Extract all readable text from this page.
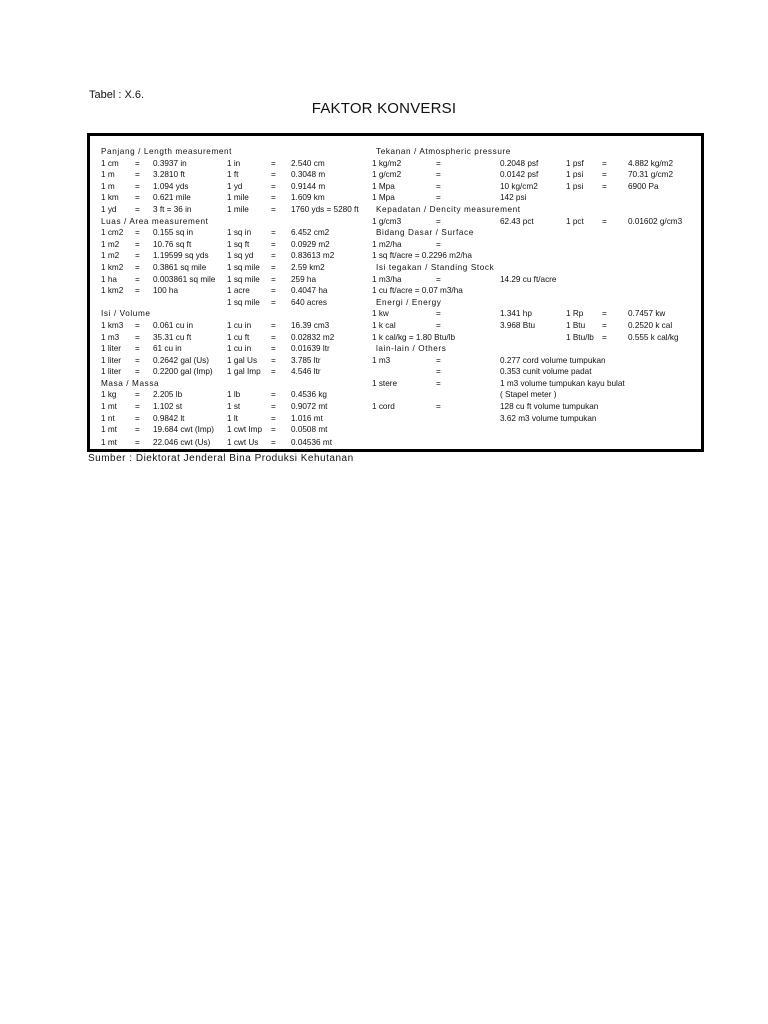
Tabel : X.6.
FAKTOR KONVERSI
Panjang / Length measurement
1 cm = 0.3937 in	1 in	= 2.540 cm
1 m = 3.2810 ft	1 ft	= 0.3048 m
1 m = 1.094 yds	1 yd	= 0.9144 m
1 km = 0.621 mile	1 mile	= 1.609 km
1 yd = 3 ft = 36 in	1 mile	= 1760 yds = 5280 ft
Luas / Area measurement
1 cm2 = 0.155 sq in	1 sq in = 6.452 cm2
1 m2 = 10.76 sq ft	1 sq ft	= 0.0929 m2
1 m2 = 1.19599 sq yds 1 sq yd = 0.83613 m2
1 km2 = 0.3861 sq mile	1 sq mile = 2.59 km2
1 ha = 0.003861 sq mile 1 sq mile = 259 ha
1 km2 = 100 ha	1 acre	= 0.4047 ha
1 sq mile = 640 acres
Isi / Volume
1 km3 = 0.061 cu in	1 cu in = 16.39 cm3
1 m3 = 35.31 cu ft	1 cu ft	= 0.02832 m2
1 liter = 61 cu in	1 cu in = 0.01639 ltr
1 liter = 0.2642 gal (Us) 1 gal Us = 3.785 ltr
1 liter = 0.2200 gal (Imp) 1 gal Imp = 4.546 ltr
Masa / Massa
1 kg = 2.205 lb	1 lb	= 0.4536 kg
1 mt = 1.102 st	1 st	= 0.9072 mt
1 nt = 0.9842 lt	1 lt	= 1.016 mt
1 mt = 19.684 cwt (Imp) 1 cwt Imp = 0.0508 mt
1 mt = 22.046 cwt (Us) 1 cwt Us = 0.04536 mt
Tekanan / Atmospheric pressure
1 kg/m2	=	0.2048 psf	1 psf =	4.882 kg/m2
1 g/cm2	=	0.0142 psf	1 psi =	70.31 g/cm2
1 Mpa	=	10 kg/cm2	1 psi =	6900 Pa
1 Mpa	=	142 psi
Kepadatan / Dencity measurement
1 g/cm3	=	62.43 pct	1 pct =	0.01602 g/cm3
Bidang Dasar / Surface
1 m2/ha	=
1 sq ft/acre = 0.2296 m2/ha
Isi tegakan / Standing Stock
1 m3/ha	=	14.29 cu ft/acre
1 cu ft/acre = 0.07 m3/ha
Energi / Energy
1 kw	=	1.341 hp	1 Rp =	0.7457 kw
1 k cal	=	3.968 Btu	1 Btu =	0.2520 k cal
1 k cal/kg = 1.80 Btu/lb	1 Btu/lb =	0.555 k cal/kg
lain-lain / Others
1 m3	=	0.277 cord volume tumpukan
=	0.353 cunit volume padat
1 stere	=	1 m3 volume tumpukan kayu bulat
( Stapel meter )
1 cord	=	128 cu ft volume tumpukan
3.62 m3 volume tumpukan
Sumber : Diektorat Jenderal Bina Produksi Kehutanan
